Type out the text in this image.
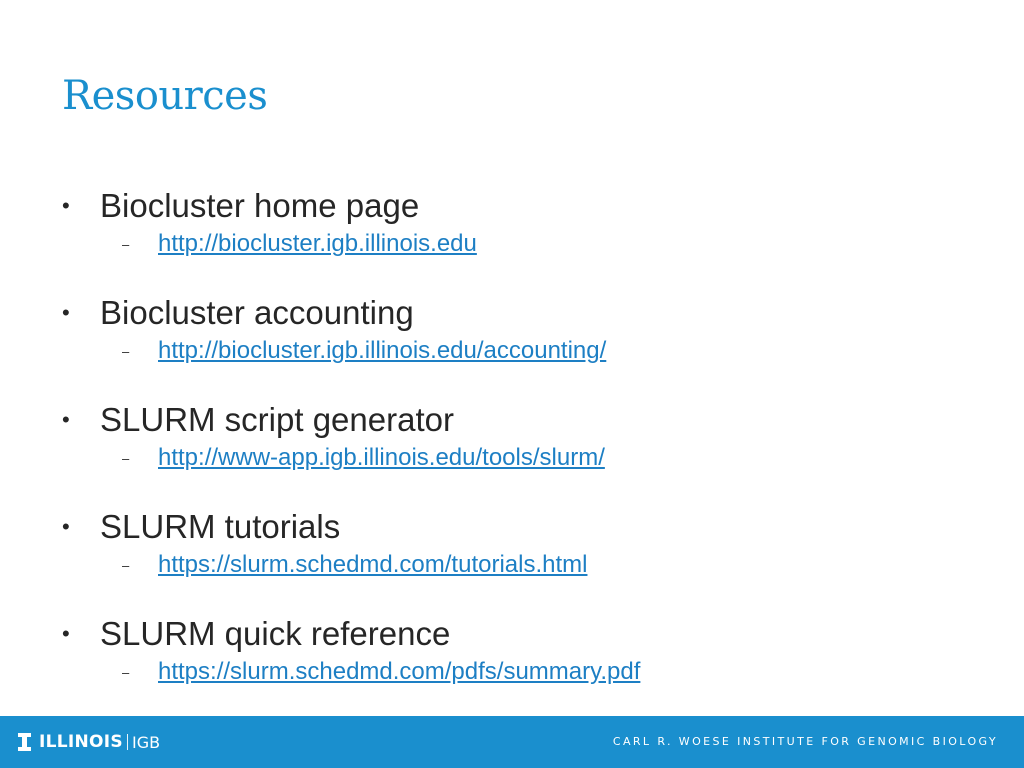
Resources
• Biocluster home page
–	http://biocluster.igb.illinois.edu
• Biocluster accounting
–	http://biocluster.igb.illinois.edu/accounting/
• SLURM script generator
–	http://www-app.igb.illinois.edu/tools/slurm/
• SLURM tutorials
–	https://slurm.schedmd.com/tutorials.html
• SLURM quick reference
–	https://slurm.schedmd.com/pdfs/summary.pdf
ILLINOIS IGB	CARL R. WOESE INSTITUTE FOR GENOMIC BIOLOGY
